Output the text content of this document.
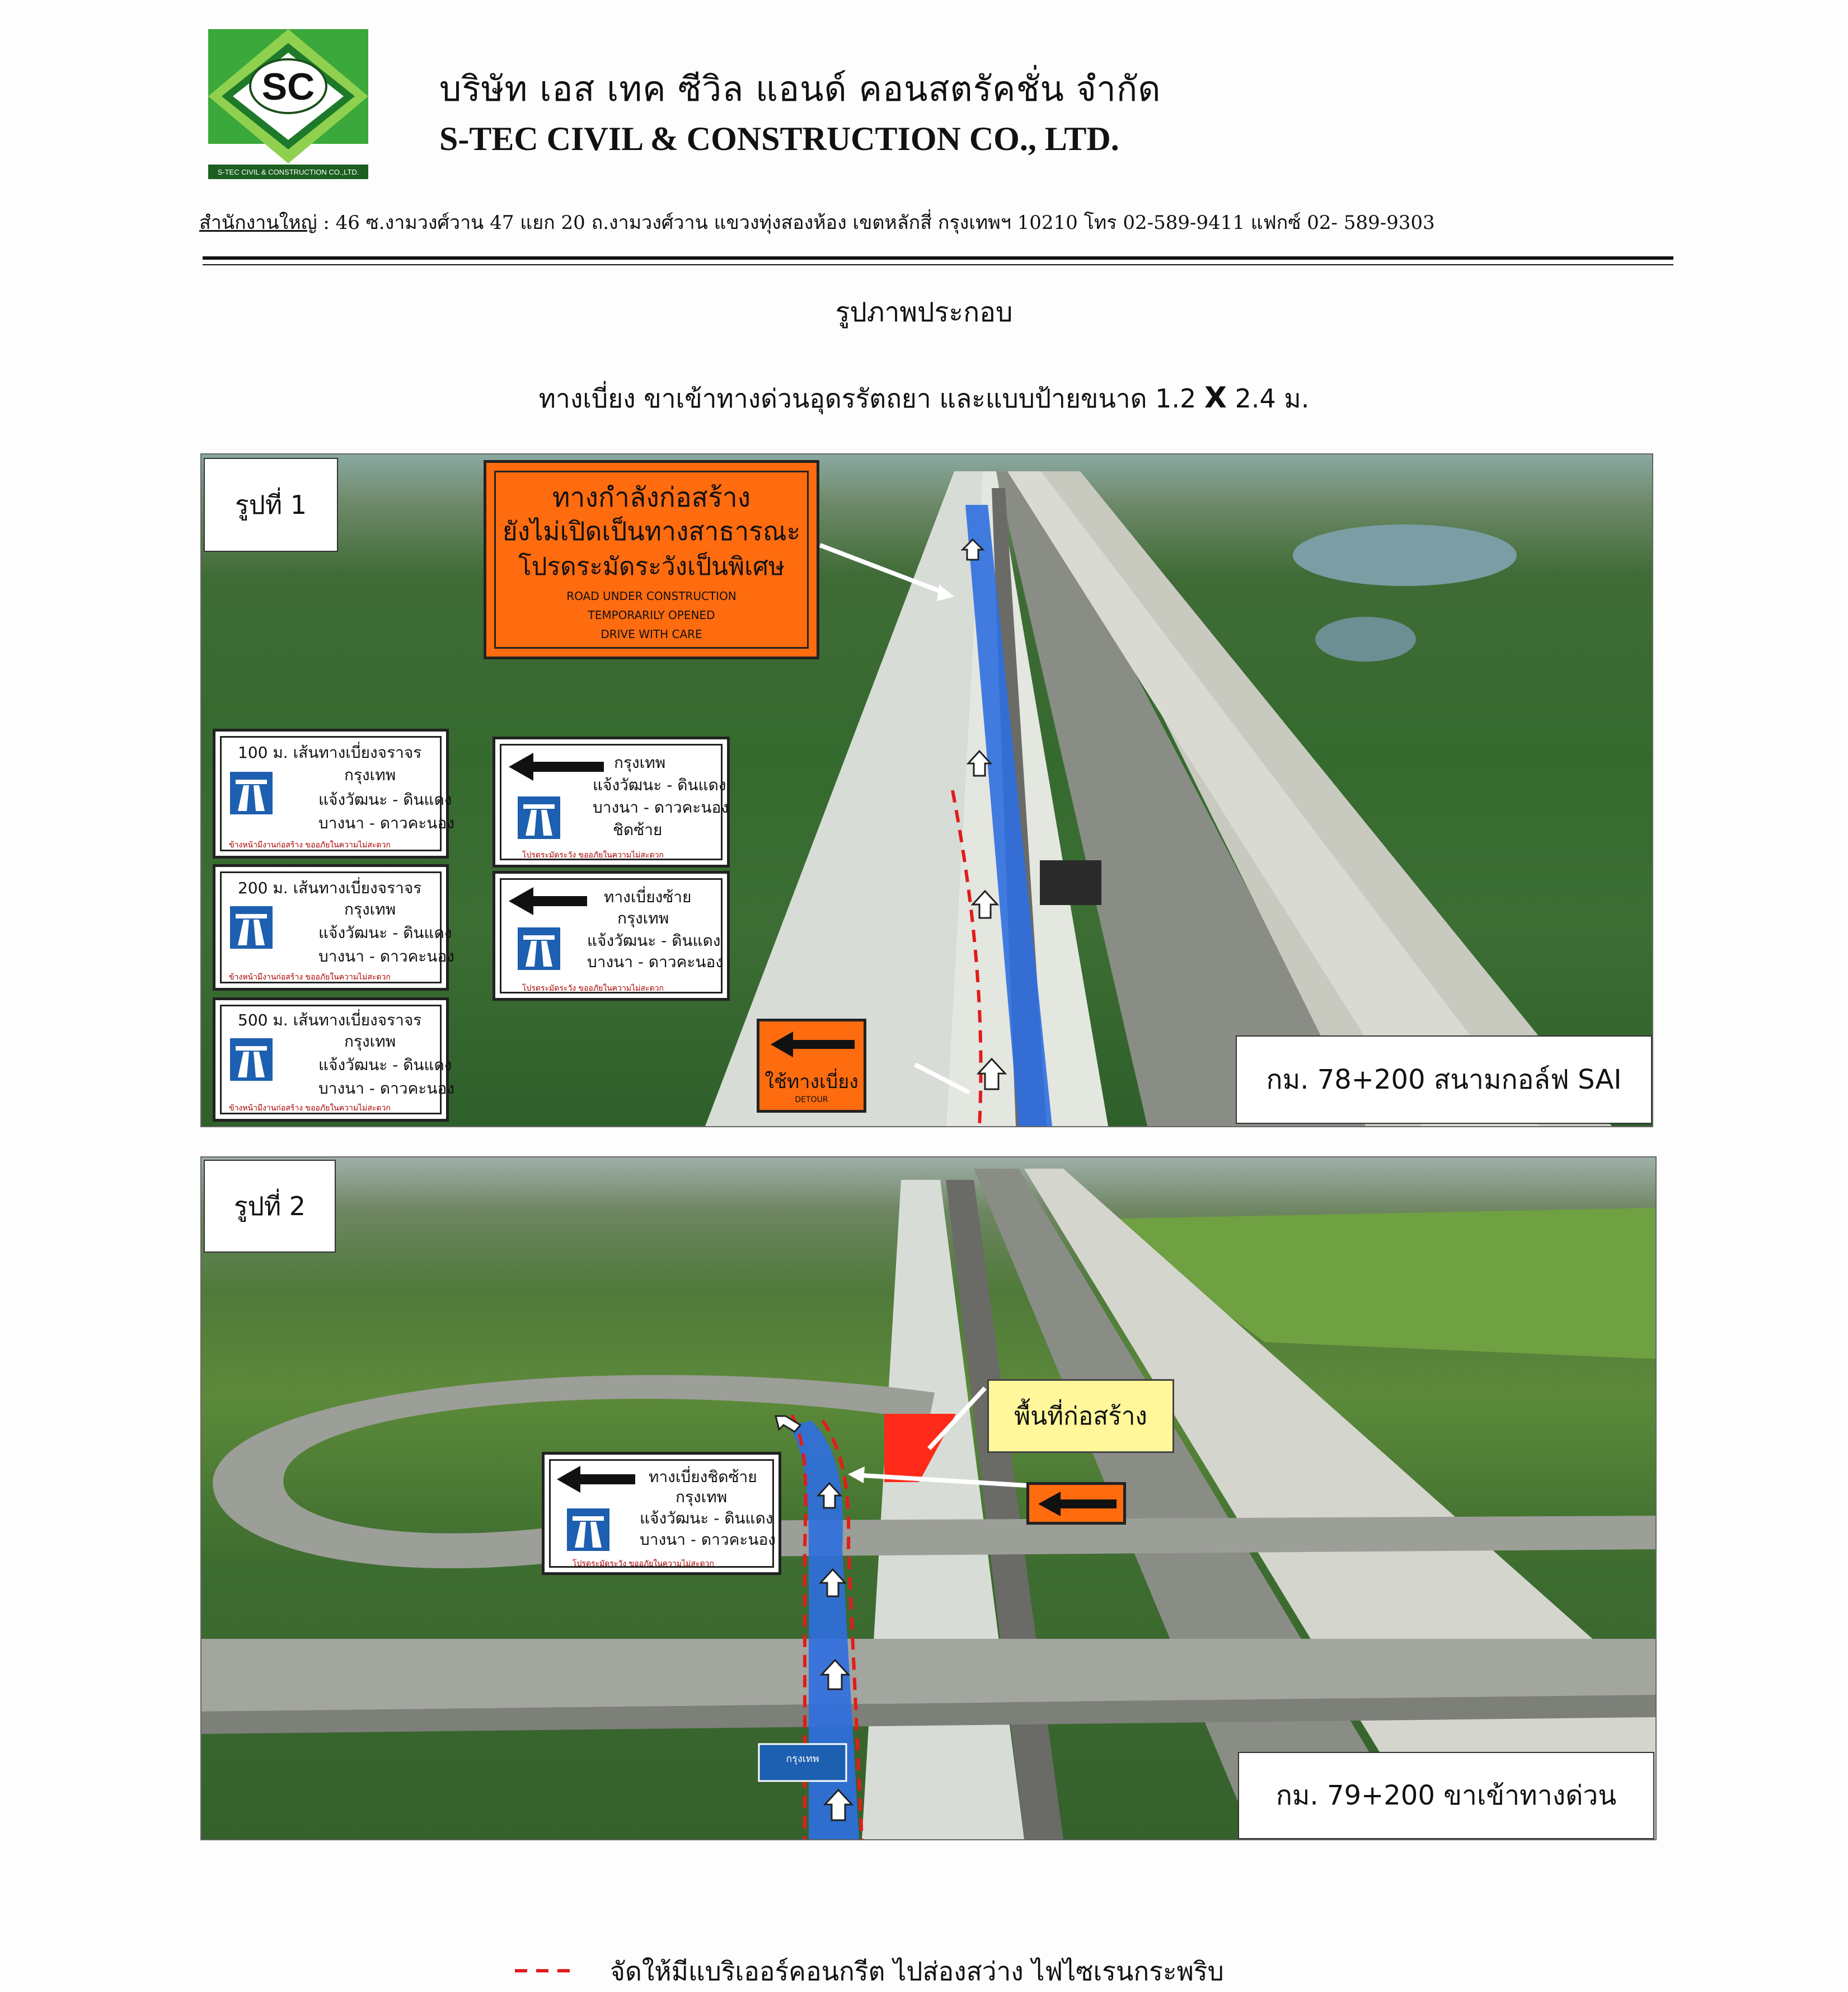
SC
S-TEC CIVIL & CONSTRUCTION CO.,LTD.
บริษัท เอส เทค ซีวิล แอนด์ คอนสตรัคชั่น จำกัด
S-TEC CIVIL & CONSTRUCTION CO., LTD.
สำนักงานใหญ่ : 46 ซ.งามวงศ์วาน 47 แยก 20 ถ.งามวงศ์วาน แขวงทุ่งสองห้อง เขตหลักสี่ กรุงเทพฯ 10210 โทร 02-589-9411 แฟกซ์ 02- 589-9303
รูปภาพประกอบ
ทางเบี่ยง ขาเข้าทางด่วนอุดรรัตถยา และแบบป้ายขนาด 1.2 X 2.4 ม.
รูปที่ 1	ทางกำลังก่อสร้าง
ยังไม่เปิดเป็นทางสาธารณะ
โปรดระมัดระวังเป็นพิเศษ
ROAD UNDER CONSTRUCTION
TEMPORARILY OPENED
DRIVE WITH CARE
ใช้ทางเบี่ยง
DETOUR
100 ม. เส้นทางเบี่ยงจราจร
กรุงเทพ
แจ้งวัฒนะ - ดินแดง
บางนา - ดาวคะนอง
ข้างหน้ามีงานก่อสร้าง ขออภัยในความไม่สะดวก
200 ม. เส้นทางเบี่ยงจราจร
กรุงเทพ
แจ้งวัฒนะ - ดินแดง
บางนา - ดาวคะนอง
ข้างหน้ามีงานก่อสร้าง ขออภัยในความไม่สะดวก
500 ม. เส้นทางเบี่ยงจราจร
กรุงเทพ
แจ้งวัฒนะ - ดินแดง
บางนา - ดาวคะนอง
ข้างหน้ามีงานก่อสร้าง ขออภัยในความไม่สะดวก
กรุงเทพ
แจ้งวัฒนะ - ดินแดง
บางนา - ดาวคะนอง
ชิดซ้าย
โปรดระมัดระวัง ขออภัยในความไม่สะดวก
ทางเบี่ยงซ้าย
กรุงเทพ
แจ้งวัฒนะ - ดินแดง
บางนา - ดาวคะนอง
โปรดระมัดระวัง ขออภัยในความไม่สะดวก
กม. 78+200 สนามกอล์ฟ SAI
กรุงเทพ
รูปที่ 2
พื้นที่ก่อสร้าง
ทางเบี่ยงชิดซ้าย
กรุงเทพ
แจ้งวัฒนะ - ดินแดง
บางนา - ดาวคะนอง
โปรดระมัดระวัง ขออภัยในความไม่สะดวก
กม. 79+200 ขาเข้าทางด่วน
จัดให้มีแบริเออร์คอนกรีต ไปส่องสว่าง ไฟไซเรนกระพริบ
